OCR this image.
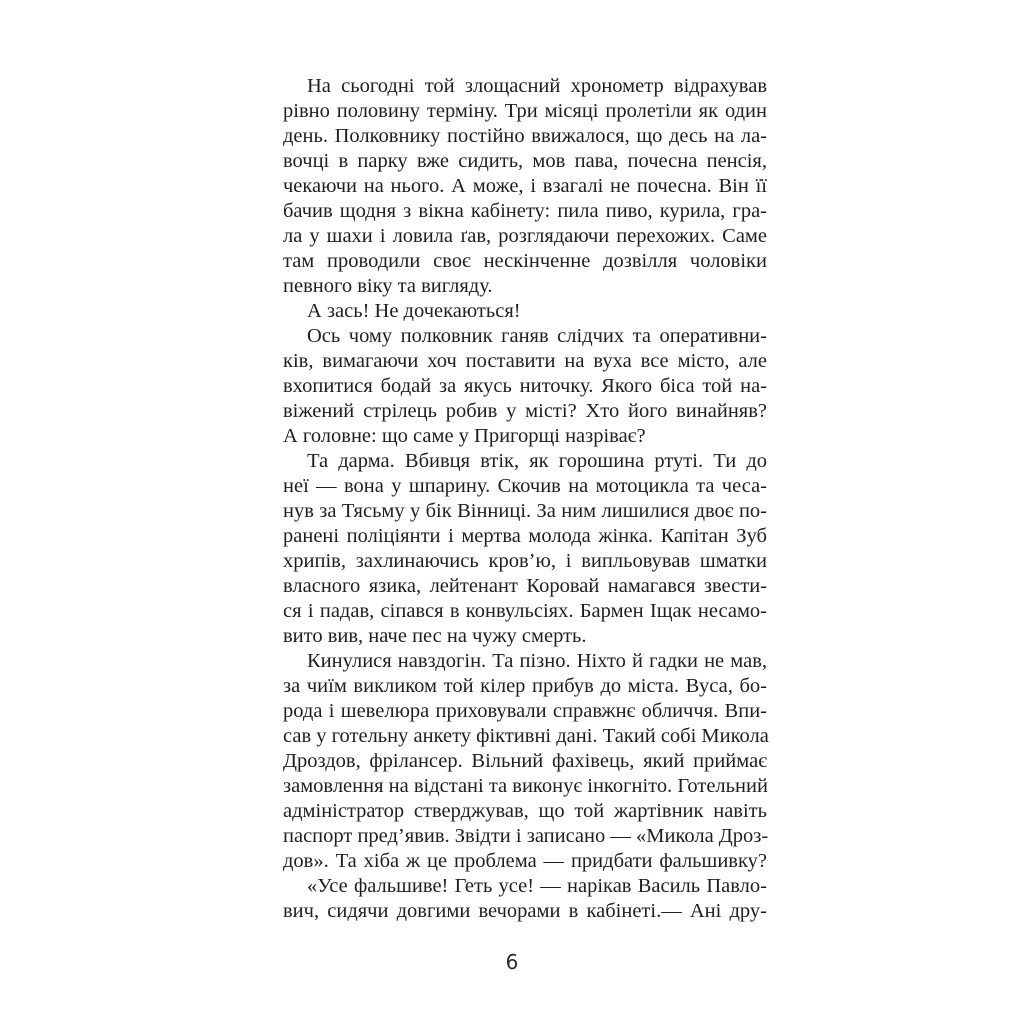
На сьогодні той злощасний хронометр відрахував
рівно половину терміну. Три місяці пролетіли як один
день. Полковнику постійно ввижалося, що десь на ла-
вочці в парку вже сидить, мов пава, почесна пенсія,
чекаючи на нього. А може, і взагалі не почесна. Він її
бачив щодня з вікна кабінету: пила пиво, курила, гра-
ла у шахи і ловила ґав, розглядаючи перехожих. Саме
там проводили своє нескінченне дозвілля чоловіки
певного віку та вигляду.
А зась! Не дочекаються!
Ось чому полковник ганяв слідчих та оперативни-
ків, вимагаючи хоч поставити на вуха все місто, але
вхопитися бодай за якусь ниточку. Якого біса той на-
віжений стрілець робив у місті? Хто його винайняв?
А головне: що саме у Пригорщі назріває?
Та дарма. Вбивця втік, як горошина ртуті. Ти до
неї — вона у шпарину. Скочив на мотоцикла та чеса-
нув за Тясьму у бік Вінниці. За ним лишилися двоє по-
ранені поліціянти і мертва молода жінка. Капітан Зуб
хрипів, захлинаючись кров’ю, і випльовував шматки
власного язика, лейтенант Коровай намагався звести-
ся і падав, сіпався в конвульсіях. Бармен Іщак несамо-
вито вив, наче пес на чужу смерть.
Кинулися навздогін. Та пізно. Ніхто й гадки не мав,
за чиїм викликом той кілер прибув до міста. Вуса, бо-
рода і шевелюра приховували справжнє обличчя. Впи-
сав у готельну анкету фіктивні дані. Такий собі Микола
Дроздов, фрілансер. Вільний фахівець, який приймає
замовлення на відстані та виконує інкогніто. Готельний
адміністратор стверджував, що той жартівник навіть
паспорт пред’явив. Звідти і записано — «Микола Дроз-
дов». Та хіба ж це проблема — придбати фальшивку?
«Усе фальшиве! Геть усе! — нарікав Василь Павло-
вич, сидячи довгими вечорами в кабінеті.— Ані дру-
6
